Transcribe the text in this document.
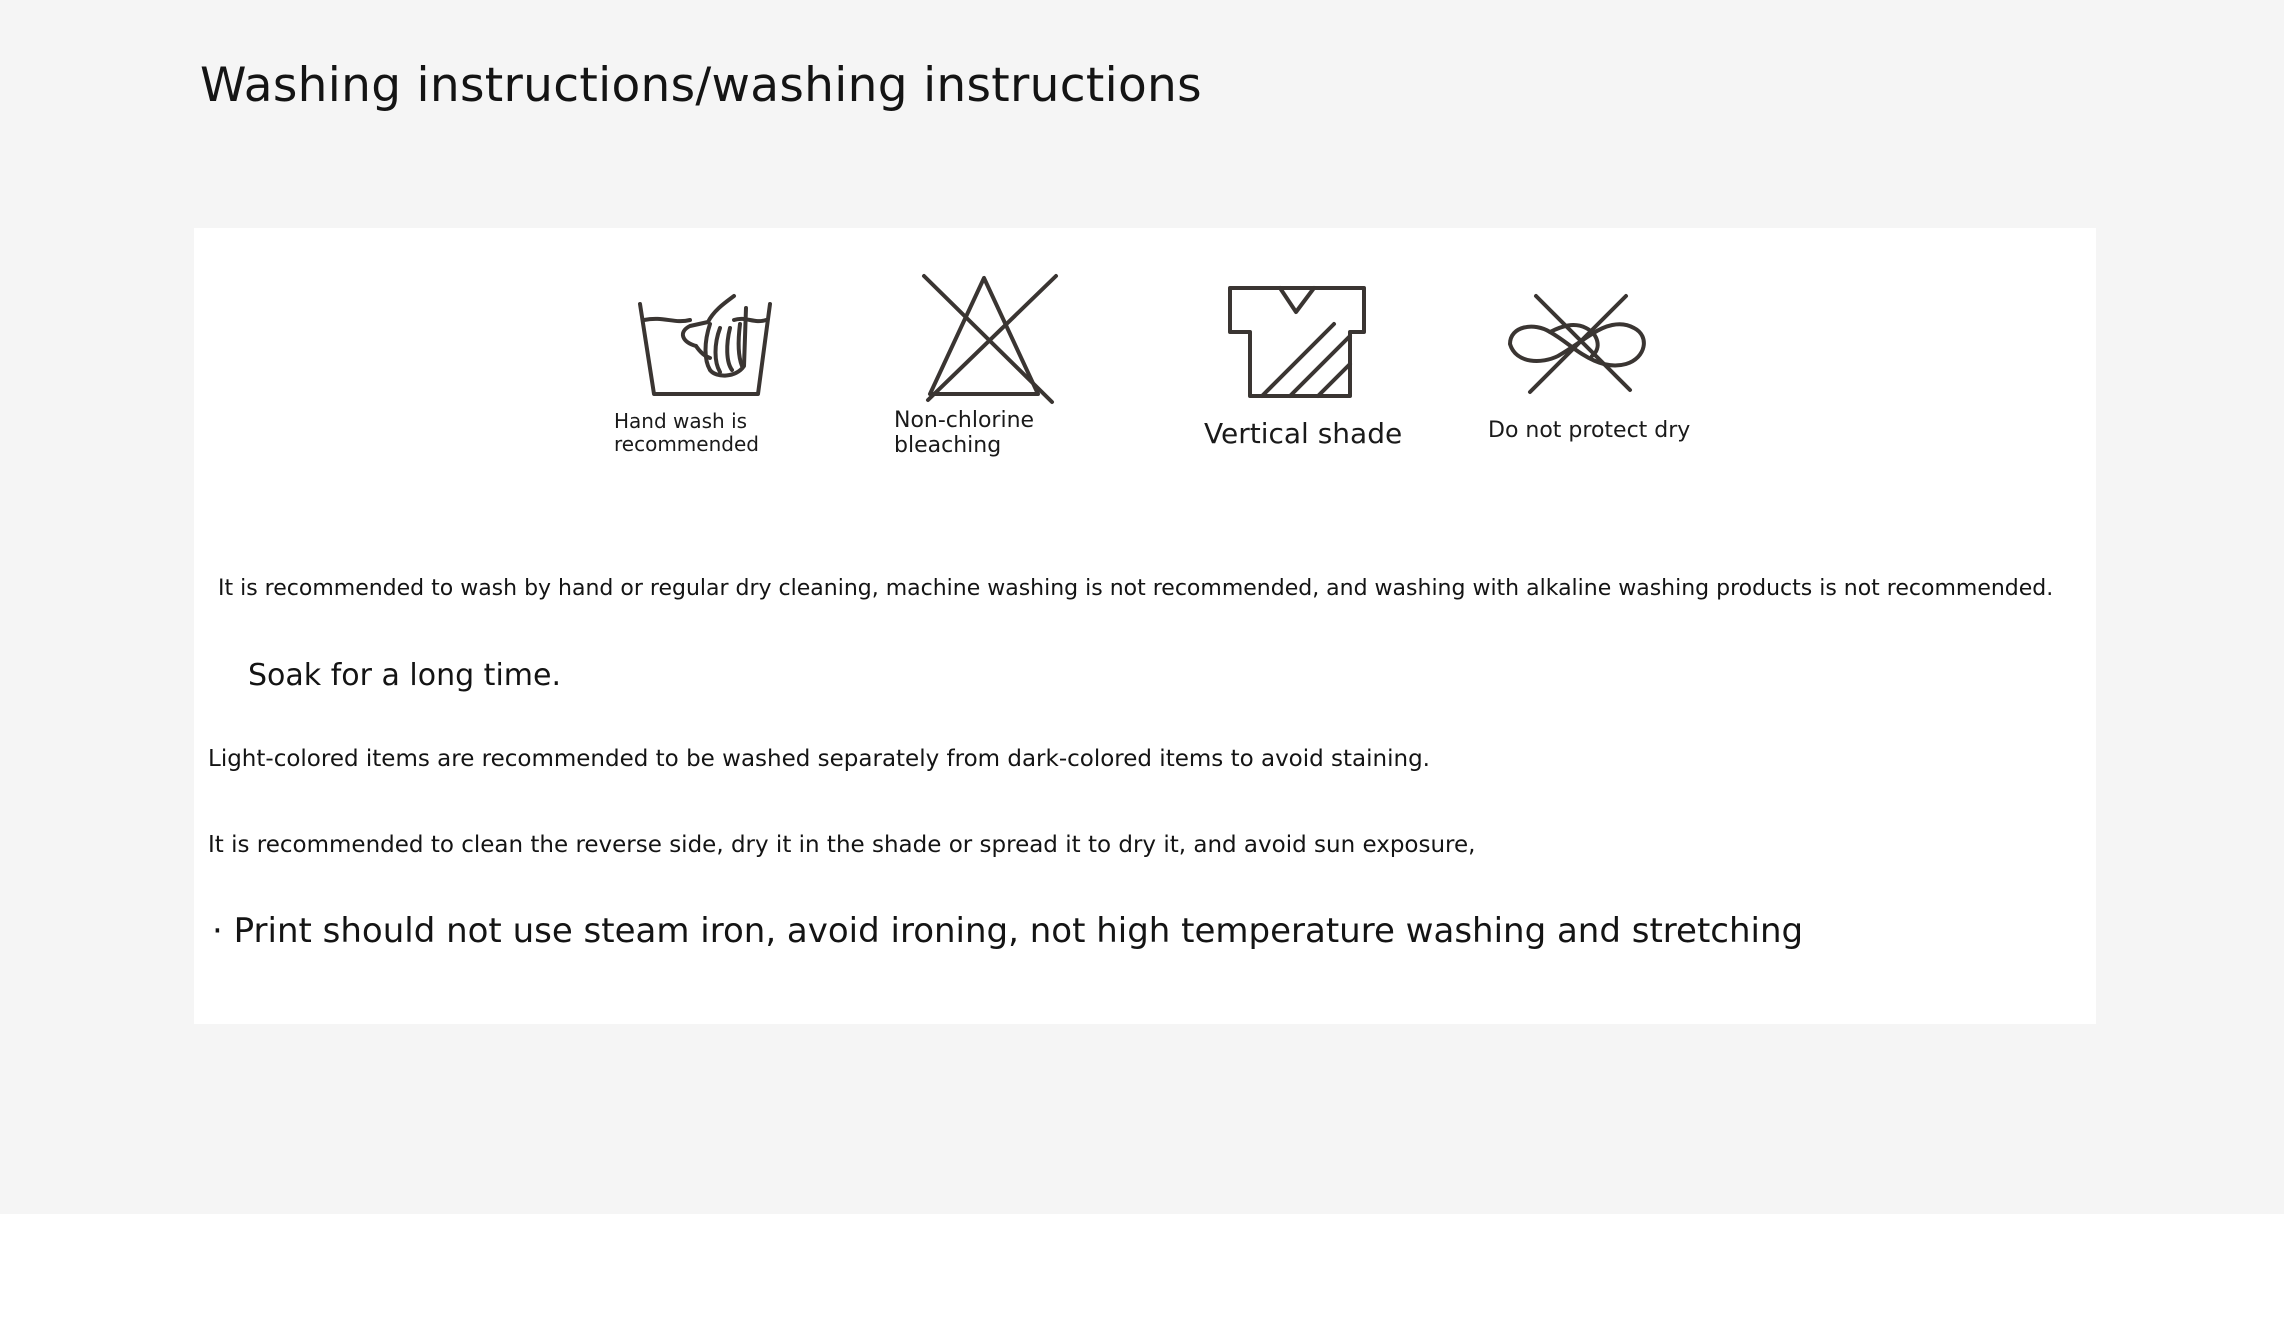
Washing instructions/washing instructions
Hand wash is
recommended
Non-chlorine
bleaching	Vertical shade	Do not protect dry
It is recommended to wash by hand or regular dry cleaning, machine washing is not recommended, and washing with alkaline washing products is not recommended.
Soak for a long time.
Light-colored items are recommended to be washed separately from dark-colored items to avoid staining.
It is recommended to clean the reverse side, dry it in the shade or spread it to dry it, and avoid sun exposure,
· Print should not use steam iron, avoid ironing, not high temperature washing and stretching
